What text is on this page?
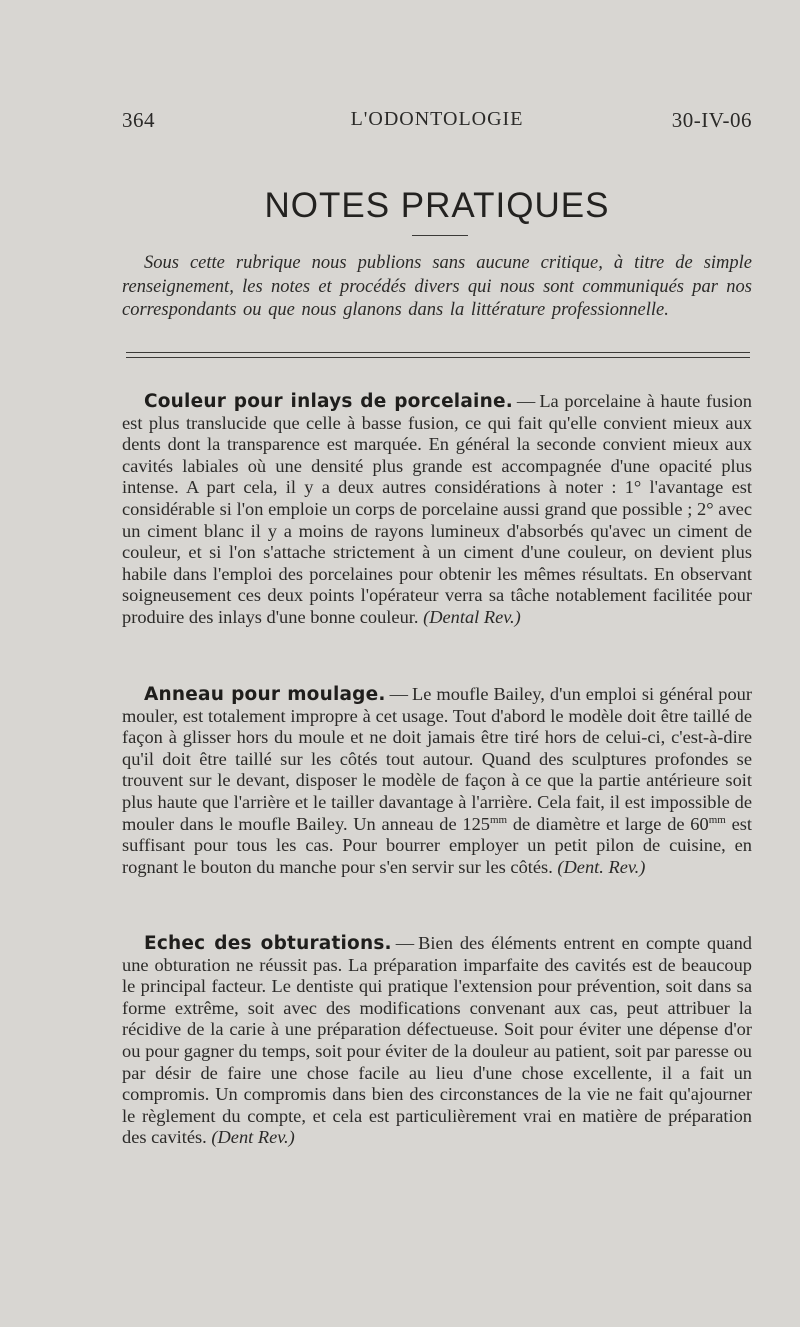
364	L'ODONTOLOGIE	30-IV-06
NOTES PRATIQUES

Sous cette rubrique nous publions sans aucune critique, à titre de simple renseignement, les notes et procédés divers qui nous sont communiqués par nos correspondants ou que nous glanons dans la littérature professionnelle.

Couleur pour inlays de porcelaine. — La porcelaine à haute fusion est plus translucide que celle à basse fusion, ce qui fait qu'elle convient mieux aux dents dont la transparence est marquée. En général la seconde convient mieux aux cavités labiales où une densité plus grande est accompagnée d'une opacité plus intense. A part cela, il y a deux autres considérations à noter : 1° l'avantage est considérable si l'on emploie un corps de porcelaine aussi grand que possible ; 2° avec un ciment blanc il y a moins de rayons lumineux d'absorbés qu'avec un ciment de couleur, et si l'on s'attache strictement à un ciment d'une couleur, on devient plus habile dans l'emploi des porcelaines pour obtenir les mêmes résultats. En observant soigneusement ces deux points l'opérateur verra sa tâche notablement facilitée pour produire des inlays d'une bonne couleur. (Dental Rev.)

Anneau pour moulage. — Le moufle Bailey, d'un emploi si général pour mouler, est totalement impropre à cet usage. Tout d'abord le modèle doit être taillé de façon à glisser hors du moule et ne doit jamais être tiré hors de celui-ci, c'est-à-dire qu'il doit être taillé sur les côtés tout autour. Quand des sculptures profondes se trouvent sur le devant, disposer le modèle de façon à ce que la partie antérieure soit plus haute que l'arrière et le tailler davantage à l'arrière. Cela fait, il est impossible de mouler dans le moufle Bailey. Un anneau de $125^{mm}$ de diamètre et large de $60^{mm}$ est suffisant pour tous les cas. Pour bourrer employer un petit pilon de cuisine, en rognant le bouton du manche pour s'en servir sur les côtés. (Dent. Rev.)

Echec des obturations. — Bien des éléments entrent en compte quand une obturation ne réussit pas. La préparation imparfaite des cavités est de beaucoup le principal facteur. Le dentiste qui pratique l'extension pour prévention, soit dans sa forme extrême, soit avec des modifications convenant aux cas, peut attribuer la récidive de la carie à une préparation défectueuse. Soit pour éviter une dépense d'or ou pour gagner du temps, soit pour éviter de la douleur au patient, soit par paresse ou par désir de faire une chose facile au lieu d'une chose excellente, il a fait un compromis. Un compromis dans bien des circonstances de la vie ne fait qu'ajourner le règlement du compte, et cela est particulièrement vrai en matière de préparation des cavités. (Dent Rev.)
